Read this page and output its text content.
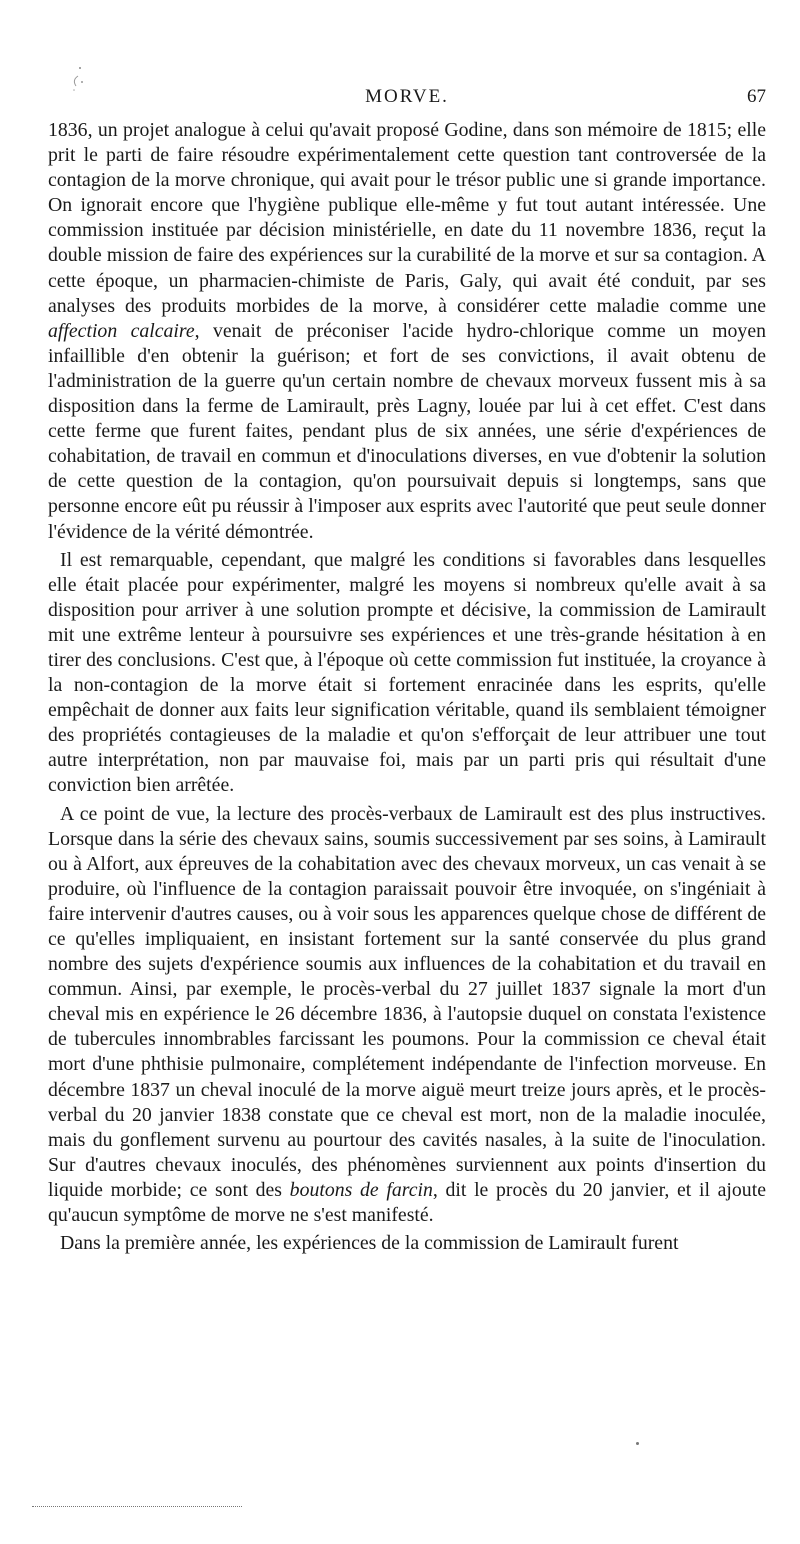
MORVE.	67

1836, un projet analogue à celui qu'avait proposé Godine, dans son mémoire de 1815; elle prit le parti de faire résoudre expérimentalement cette question tant controversée de la contagion de la morve chronique, qui avait pour le trésor public une si grande importance. On ignorait encore que l'hygiène publique elle-même y fut tout autant intéressée. Une commission instituée par décision ministérielle, en date du 11 novembre 1836, reçut la double mission de faire des expériences sur la curabilité de la morve et sur sa contagion. A cette époque, un pharmacien-chimiste de Paris, Galy, qui avait été conduit, par ses analyses des produits morbides de la morve, à considérer cette maladie comme une affection calcaire, venait de préconiser l'acide hydro-chlorique comme un moyen infaillible d'en obtenir la guérison; et fort de ses convictions, il avait obtenu de l'administration de la guerre qu'un certain nombre de chevaux morveux fussent mis à sa disposition dans la ferme de Lamirault, près Lagny, louée par lui à cet effet. C'est dans cette ferme que furent faites, pendant plus de six années, une série d'expériences de cohabitation, de travail en commun et d'inoculations diverses, en vue d'obtenir la solution de cette question de la contagion, qu'on poursuivait depuis si longtemps, sans que personne encore eût pu réussir à l'imposer aux esprits avec l'autorité que peut seule donner l'évidence de la vérité démontrée.

Il est remarquable, cependant, que malgré les conditions si favorables dans lesquelles elle était placée pour expérimenter, malgré les moyens si nombreux qu'elle avait à sa disposition pour arriver à une solution prompte et décisive, la commission de Lamirault mit une extrême lenteur à poursuivre ses expériences et une très-grande hésitation à en tirer des conclusions. C'est que, à l'époque où cette commission fut instituée, la croyance à la non-contagion de la morve était si fortement enracinée dans les esprits, qu'elle empêchait de donner aux faits leur signification véritable, quand ils semblaient témoigner des propriétés contagieuses de la maladie et qu'on s'efforçait de leur attribuer une tout autre interprétation, non par mauvaise foi, mais par un parti pris qui résultait d'une conviction bien arrêtée.

A ce point de vue, la lecture des procès-verbaux de Lamirault est des plus instructives. Lorsque dans la série des chevaux sains, soumis successivement par ses soins, à Lamirault ou à Alfort, aux épreuves de la cohabitation avec des chevaux morveux, un cas venait à se produire, où l'influence de la contagion paraissait pouvoir être invoquée, on s'ingéniait à faire intervenir d'autres causes, ou à voir sous les apparences quelque chose de différent de ce qu'elles impliquaient, en insistant fortement sur la santé conservée du plus grand nombre des sujets d'expérience soumis aux influences de la cohabitation et du travail en commun. Ainsi, par exemple, le procès-verbal du 27 juillet 1837 signale la mort d'un cheval mis en expérience le 26 décembre 1836, à l'autopsie duquel on constata l'existence de tubercules innombrables farcissant les poumons. Pour la commission ce cheval était mort d'une phthisie pulmonaire, complétement indépendante de l'infection morveuse. En décembre 1837 un cheval inoculé de la morve aiguë meurt treize jours après, et le procès-verbal du 20 janvier 1838 constate que ce cheval est mort, non de la maladie inoculée, mais du gonflement survenu au pourtour des cavités nasales, à la suite de l'inoculation. Sur d'autres chevaux inoculés, des phénomènes surviennent aux points d'insertion du liquide morbide; ce sont des boutons de farcin, dit le procès du 20 janvier, et il ajoute qu'aucun symptôme de morve ne s'est manifesté.

Dans la première année, les expériences de la commission de Lamirault furent
